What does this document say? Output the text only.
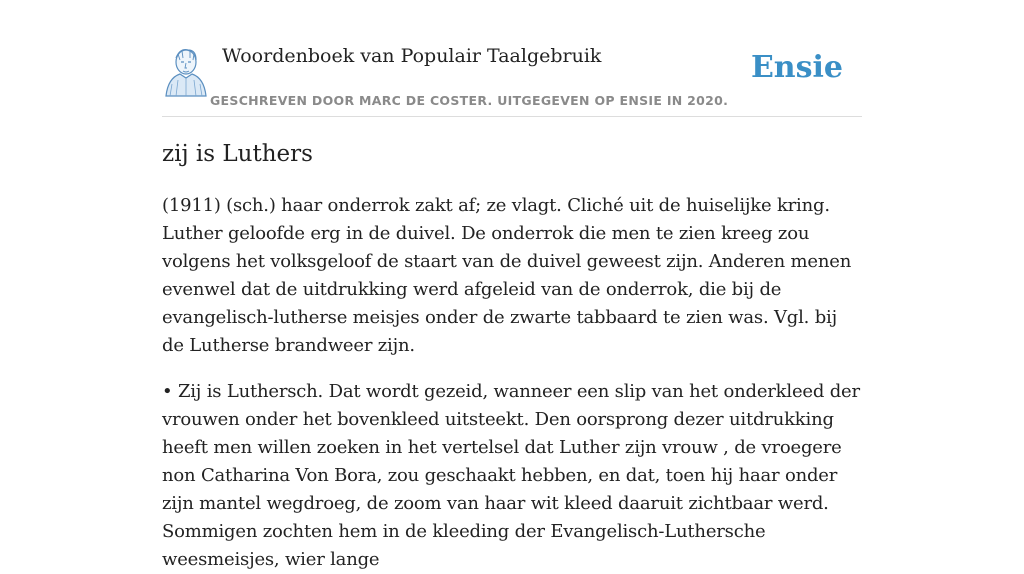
Woordenboek van Populair Taalgebruik
GESCHREVEN DOOR MARC DE COSTER. UITGEGEVEN OP ENSIE IN 2020.
Ensie
zij is Luthers

(1911) (sch.) haar onderrok zakt af; ze vlagt. Cliché uit de huiselijke kring. Luther geloofde erg in de duivel. De onderrok die men te zien kreeg zou volgens het volksgeloof de staart van de duivel geweest zijn. Anderen menen evenwel dat de uitdrukking werd afgeleid van de onderrok, die bij de evangelisch-lutherse meisjes onder de zwarte tabbaard te zien was. Vgl. bij de Lutherse brandweer zijn.

• Zij is Luthersch. Dat wordt gezeid, wanneer een slip van het onderkleed der vrouwen onder het bovenkleed uitsteekt. Den oorsprong dezer uitdrukking heeft men willen zoeken in het vertelsel dat Luther zijn vrouw , de vroegere non Catharina Von Bora, zou geschaakt hebben, en dat, toen hij haar onder zijn mantel wegdroeg, de zoom van haar wit kleed daaruit zichtbaar werd. Sommigen zochten hem in de kleeding der Evangelisch-Luthersche weesmeisjes, wier lange
